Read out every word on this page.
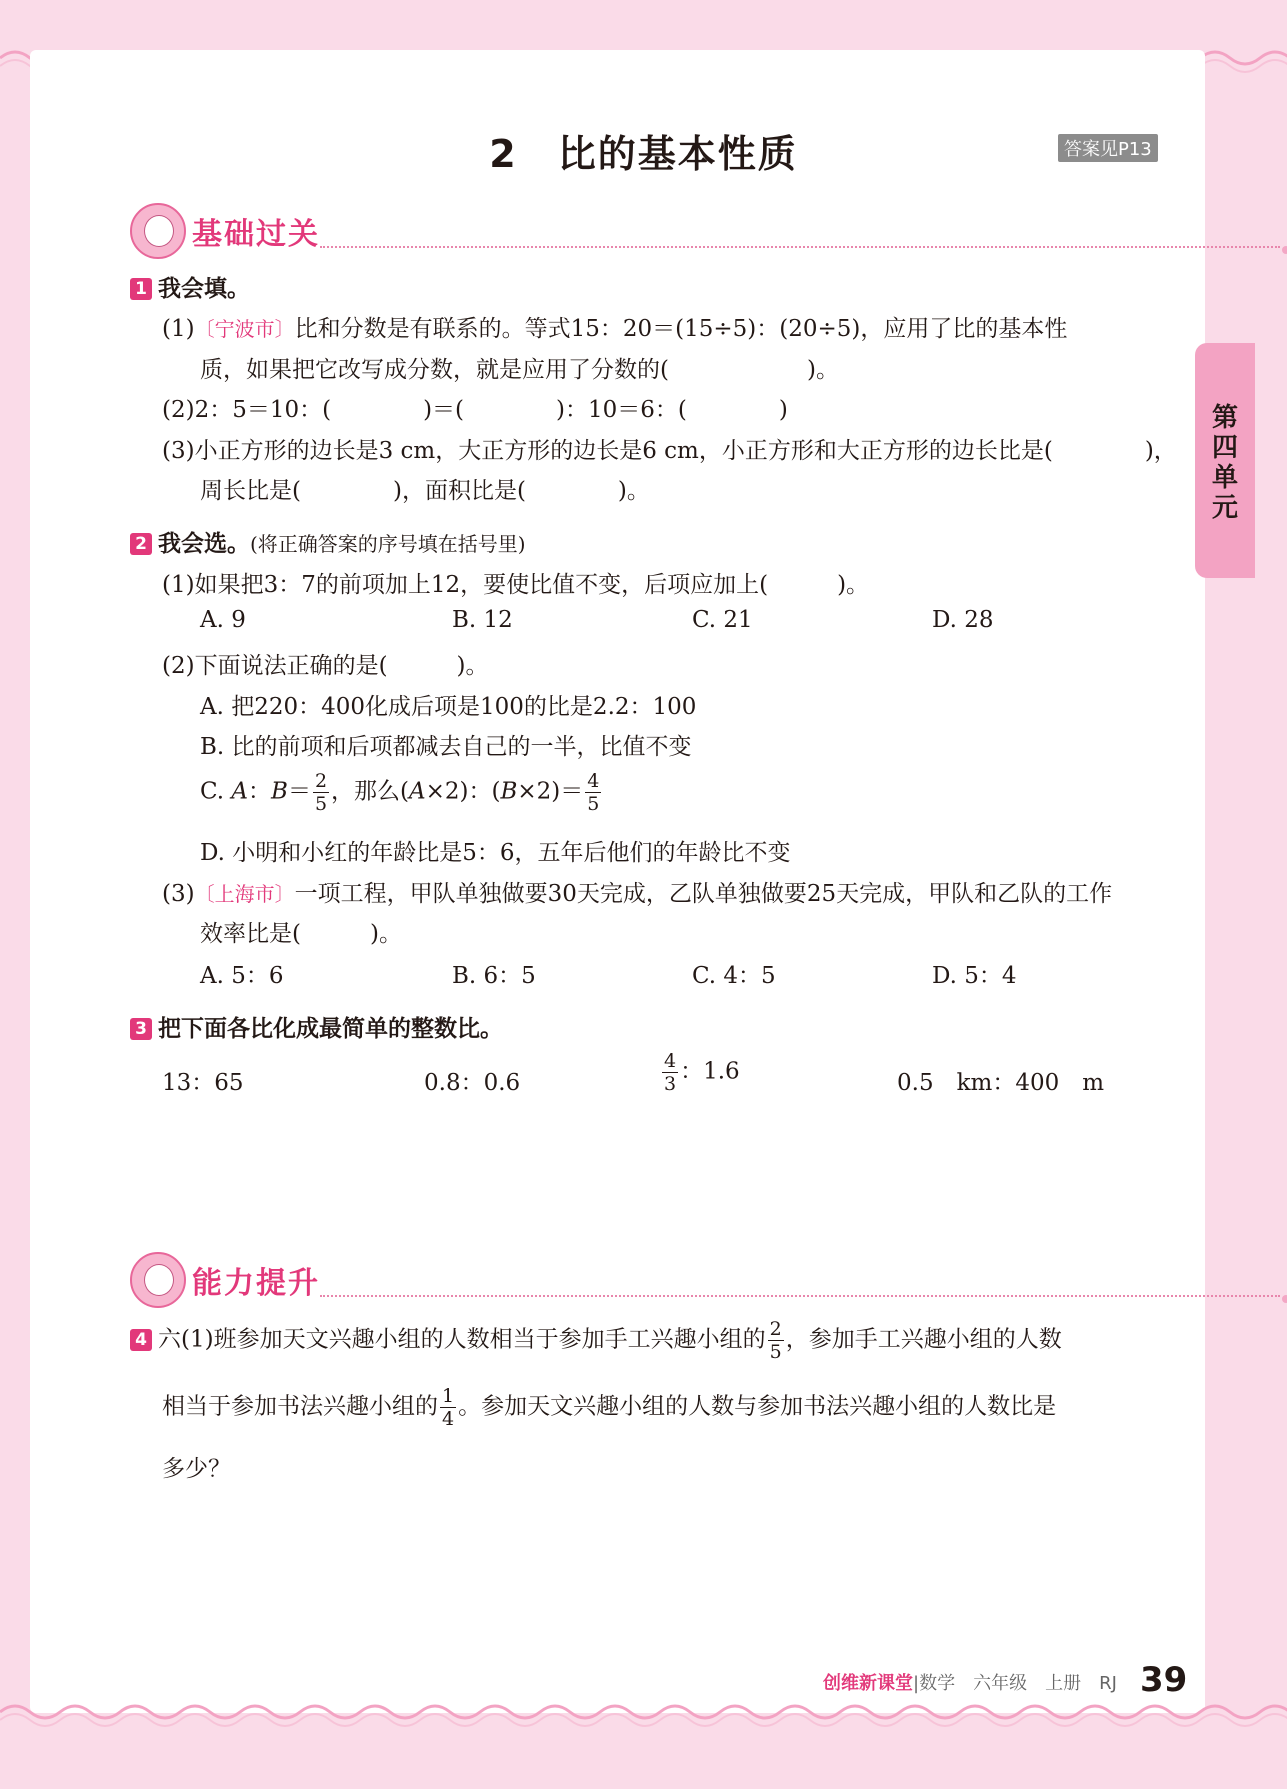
第四单元
2　比的基本性质	答案见P13
基础过关
1 我会填。
(1)〔宁波市〕比和分数是有联系的。等式15：20＝(15÷5)：(20÷5)，应用了比的基本性
质，如果把它改写成分数，就是应用了分数的(　　　　　　)。
(2)2：5＝10：(　　　　)＝(　　　　)：10＝6：(　　　　)
(3)小正方形的边长是3 cm，大正方形的边长是6 cm，小正方形和大正方形的边长比是(　　　　)，
周长比是(　　　　)，面积比是(　　　　)。
2 我会选。(将正确答案的序号填在括号里)
(1)如果把3：7的前项加上12，要使比值不变，后项应加上(　　　)。
A. 9	B. 12	C. 21	D. 28
(2)下面说法正确的是(　　　)。
A. 把220：400化成后项是100的比是2.2：100
B. 比的前项和后项都减去自己的一半，比值不变
C. A：$B= \frac{2}{5}$ ，那么(A×2)：$(B\times 2)= \frac{4}{5}$
D. 小明和小红的年龄比是5：6，五年后他们的年龄比不变
(3)〔上海市〕一项工程，甲队单独做要30天完成，乙队单独做要25天完成，甲队和乙队的工作
效率比是(　　　)。
A. 5：6	B. 6：5	C. 4：5	D. 5：4
3 把下面各比化成最简单的整数比。
13：65	0.8：0.6	$\frac{4}{3}$ ：1.6	0.5　km：400　m
能力提升
4 六(1)班参加天文兴趣小组的人数相当于参加手工兴趣小组的 $\frac{2}{5}$ ，参加手工兴趣小组的人数
相当于参加书法兴趣小组的 $\frac{1}{4}$ 。参加天文兴趣小组的人数与参加书法兴趣小组的人数比是
多少？
创维新课堂|数学　六年级　上册　RJ 39
